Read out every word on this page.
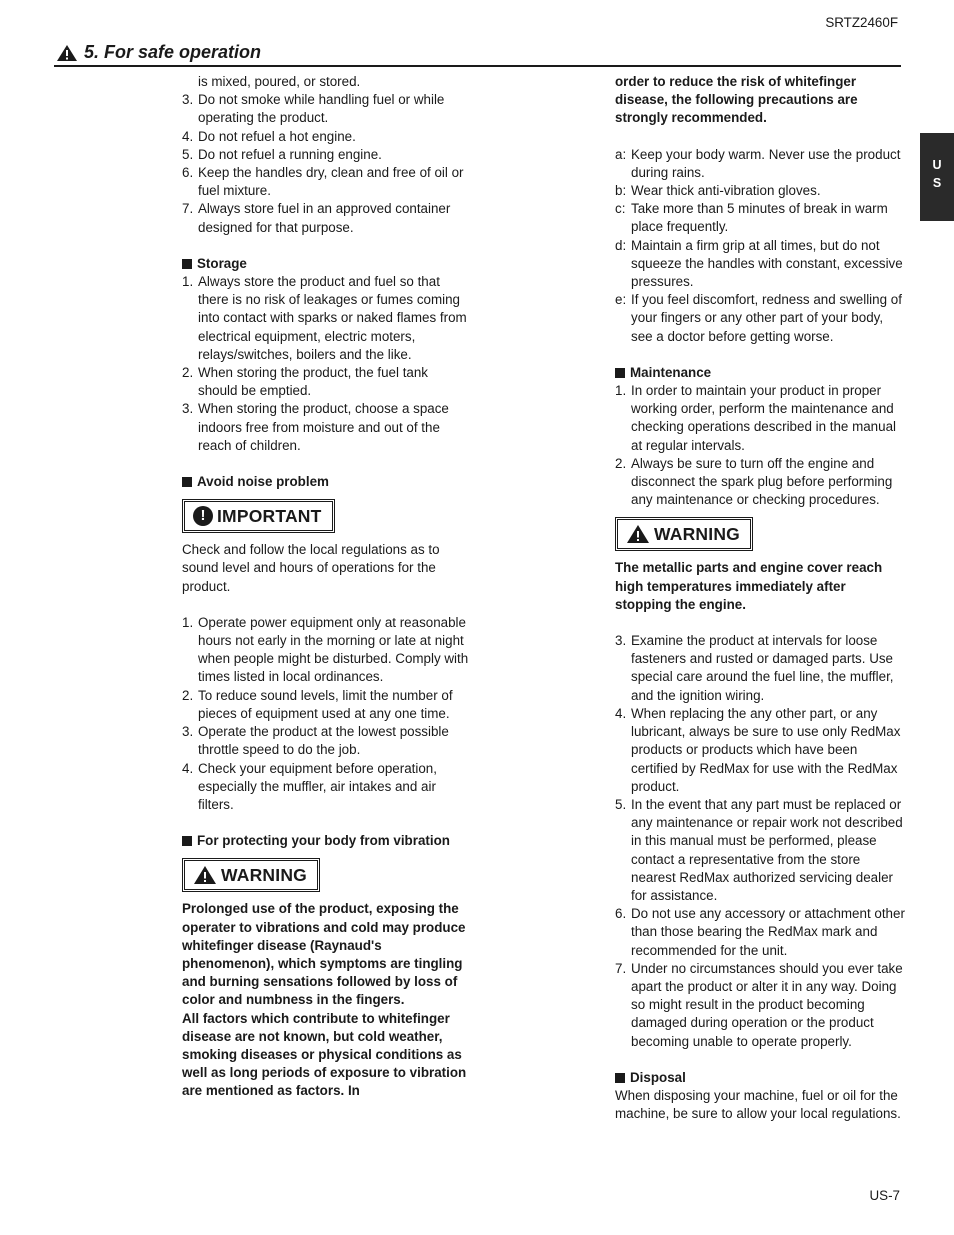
SRTZ2460F
5. For safe operation
U
S
is mixed, poured, or stored.
3. Do not smoke while handling fuel or while operating the product.
4. Do not refuel a hot engine.
5. Do not refuel a running engine.
6. Keep the handles dry, clean and free of oil or fuel mixture.
7. Always store fuel in an approved container designed for that purpose.
Storage
1. Always store the product and fuel so that there is no risk of leakages or fumes coming into contact with sparks or naked flames from electrical equipment, electric moters, relays/switches, boilers and the like.
2. When storing the product, the fuel tank should be emptied.
3. When storing the product, choose a space indoors free from moisture and out of the reach of children.
Avoid noise problem
! IMPORTANT
Check and follow the local regulations as to sound level and hours of operations for the product.
1. Operate power equipment only at reasonable hours not early in the morning or late at night when people might be disturbed. Comply with times listed in local ordinances.
2. To reduce sound levels, limit the number of pieces of equipment used at any one time.
3. Operate the product at the lowest possible throttle speed to do the job.
4. Check your equipment before operation, especially the muffler, air intakes and air filters.
For protecting your body from vibration
WARNING
Prolonged use of the product, exposing the operater to vibrations and cold may produce whitefinger disease (Raynaud's phenomenon), which symptoms are tingling and burning sensations followed by loss of color and numbness in the fingers.
All factors which contribute to whitefinger disease are not known, but cold weather, smoking diseases or physical conditions as well as long periods of exposure to vibration are mentioned as factors. In
order to reduce the risk of whitefinger disease, the following precautions are strongly recommended.
a: Keep your body warm. Never use the product during rains.
b: Wear thick anti-vibration gloves.
c: Take more than 5 minutes of break in warm place frequently.
d: Maintain a firm grip at all times, but do not squeeze the handles with constant, excessive pressures.
e: If you feel discomfort, redness and swelling of your fingers or any other part of your body, see a doctor before getting worse.
Maintenance
1. In order to maintain your product in proper working order, perform the maintenance and checking operations described in the manual at regular intervals.
2. Always be sure to turn off the engine and disconnect the spark plug before performing any maintenance or checking procedures.
WARNING
The metallic parts and engine cover reach high temperatures immediately after stopping the engine.
3. Examine the product at intervals for loose fasteners and rusted or damaged parts. Use special care around the fuel line, the muffler, and the ignition wiring.
4. When replacing the any other part, or any lubricant, always be sure to use only RedMax products or products which have been certified by RedMax for use with the RedMax product.
5. In the event that any part must be replaced or any maintenance or repair work not described in this manual must be performed, please contact a representative from the store nearest RedMax authorized servicing dealer for assistance.
6. Do not use any accessory or attachment other than those bearing the RedMax mark and recommended for the unit.
7. Under no circumstances should you ever take apart the product or alter it in any way. Doing so might result in the product becoming damaged during operation or the product becoming unable to operate properly.
Disposal
When disposing your machine, fuel or oil for the machine, be sure to allow your local regulations.
US-7
